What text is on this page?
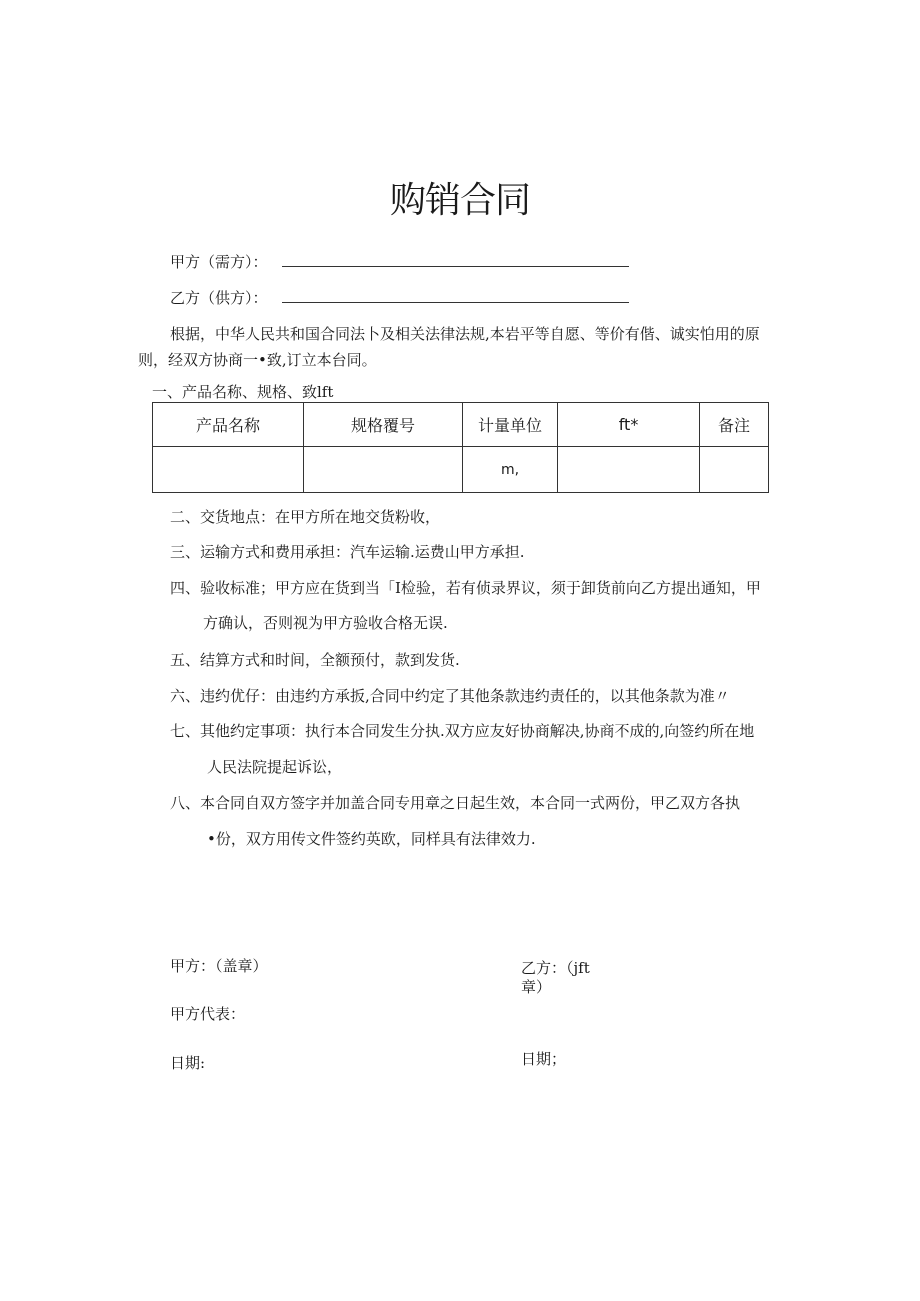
购销合同
甲方（需方）：
乙方（供方）：
根据，中华人民共和国合同法卜及相关法律法规,本岩平等自愿、等价有偕、诚实怕用的原则，经双方协商一•致,订立本台同。
一、产品名称、规格、致lft
产品名称	规格覆号	计量单位	ft*	备注
		m,		
二、交货地点：在甲方所在地交货粉收，
三、运输方式和费用承担：汽车运输.运费山甲方承担.
四、验收标准；甲方应在货到当「I检验，若有侦录界议，须于卸货前向乙方提出通知，甲
方确认，否则视为甲方验收合格无误.
五、结算方式和时间，全额预付，款到发货.
六、违约优仔：由违约方承扳,合同中约定了其他条款违约责任的，以其他条款为准〃
七、其他约定事项：执行本合同发生分执.双方应友好协商解决,协商不成的,向签约所在地
人民法院提起诉讼，
八、本合同自双方签字并加盖合同专用章之日起生效，本合同一式两份，甲乙双方各执
•份，双方用传文件签约英欧，同样具有法律效力.
甲方：（盖章）	乙方：（jft
章）
甲方代表：
日期:	日期；
